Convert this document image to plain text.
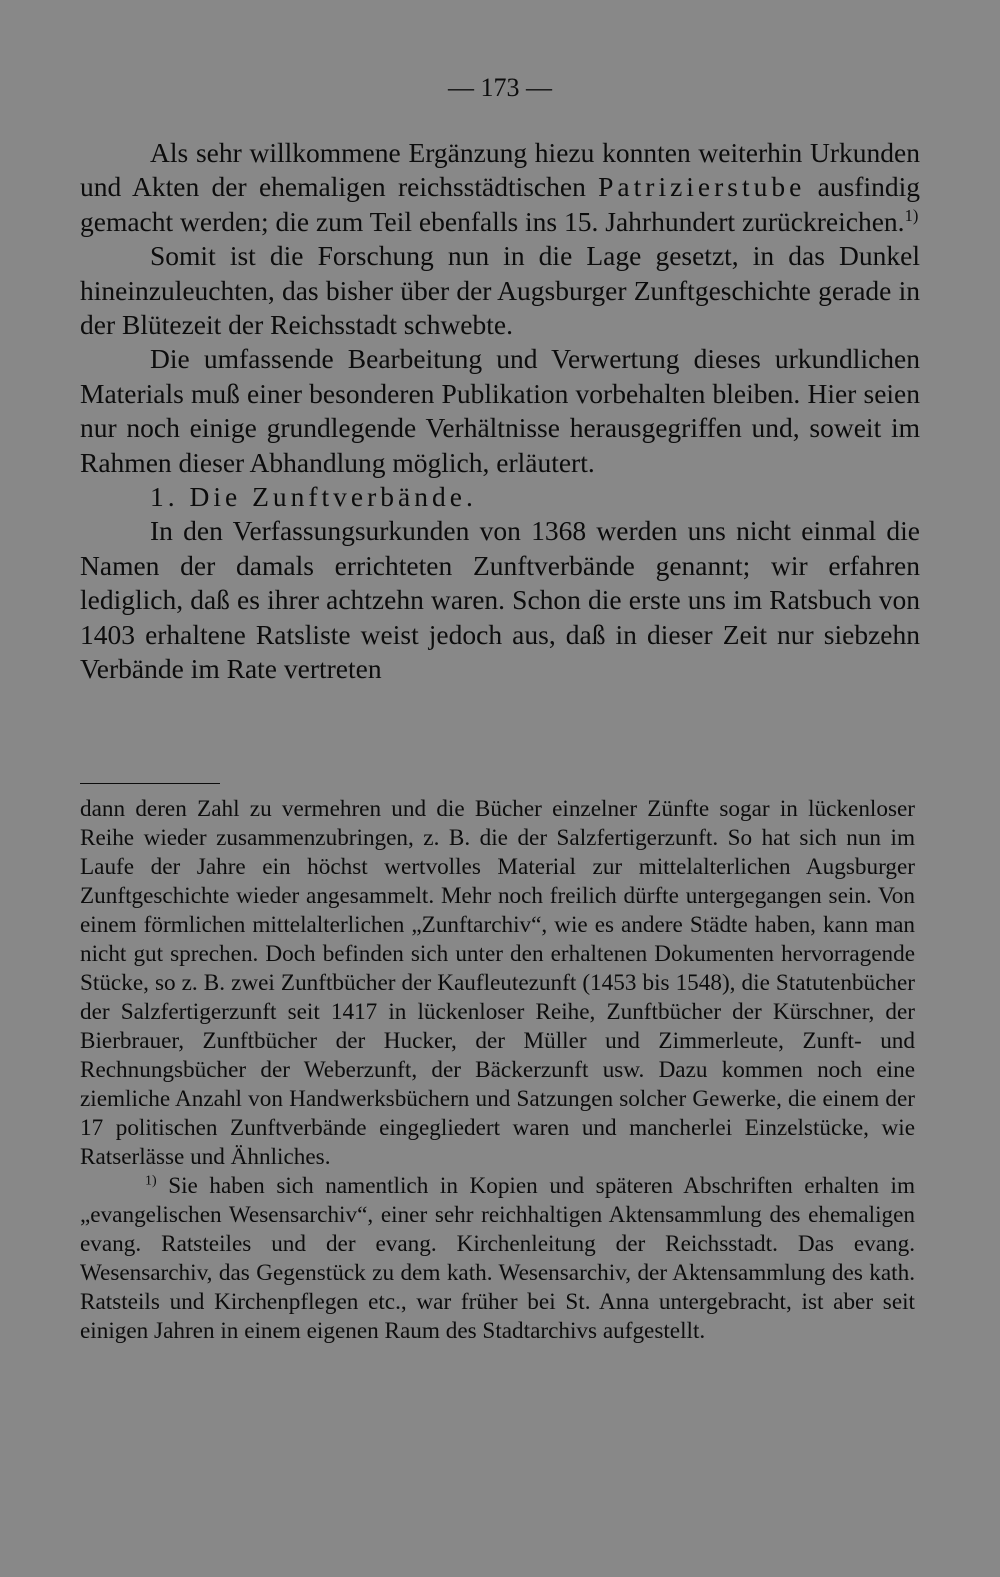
— 173 —

Als sehr willkommene Ergänzung hiezu konnten weiterhin Urkunden und Akten der ehemaligen reichsstädtischen Patrizierstube ausfindig gemacht werden; die zum Teil ebenfalls ins 15. Jahrhundert zurückreichen.$^{1)}$

Somit ist die Forschung nun in die Lage gesetzt, in das Dunkel hineinzuleuchten, das bisher über der Augsburger Zunftgeschichte gerade in der Blütezeit der Reichsstadt schwebte.

Die umfassende Bearbeitung und Verwertung dieses urkundlichen Materials muß einer besonderen Publikation vorbehalten bleiben. Hier seien nur noch einige grundlegende Verhältnisse herausgegriffen und, soweit im Rahmen dieser Abhandlung möglich, erläutert.

1. Die Zunftverbände.

In den Verfassungsurkunden von 1368 werden uns nicht einmal die Namen der damals errichteten Zunftverbände genannt; wir erfahren lediglich, daß es ihrer achtzehn waren. Schon die erste uns im Ratsbuch von 1403 erhaltene Ratsliste weist jedoch aus, daß in dieser Zeit nur siebzehn Verbände im Rate vertreten

dann deren Zahl zu vermehren und die Bücher einzelner Zünfte sogar in lückenloser Reihe wieder zusammenzubringen, z. B. die der Salzfertigerzunft. So hat sich nun im Laufe der Jahre ein höchst wertvolles Material zur mittelalterlichen Augsburger Zunftgeschichte wieder angesammelt. Mehr noch freilich dürfte untergegangen sein. Von einem förmlichen mittelalterlichen „Zunftarchiv“, wie es andere Städte haben, kann man nicht gut sprechen. Doch befinden sich unter den erhaltenen Dokumenten hervorragende Stücke, so z. B. zwei Zunftbücher der Kaufleutezunft (1453 bis 1548), die Statutenbücher der Salzfertigerzunft seit 1417 in lückenloser Reihe, Zunftbücher der Kürschner, der Bierbrauer, Zunftbücher der Hucker, der Müller und Zimmerleute, Zunft- und Rechnungsbücher der Weberzunft, der Bäckerzunft usw. Dazu kommen noch eine ziemliche Anzahl von Handwerksbüchern und Satzungen solcher Gewerke, die einem der 17 politischen Zunftverbände eingegliedert waren und mancherlei Einzelstücke, wie Ratserlässe und Ähnliches.

$^{1)}$ Sie haben sich namentlich in Kopien und späteren Abschriften erhalten im „evangelischen Wesensarchiv“, einer sehr reichhaltigen Aktensammlung des ehemaligen evang. Ratsteiles und der evang. Kirchenleitung der Reichsstadt. Das evang. Wesensarchiv, das Gegenstück zu dem kath. Wesensarchiv, der Aktensammlung des kath. Ratsteils und Kirchenpflegen etc., war früher bei St. Anna untergebracht, ist aber seit einigen Jahren in einem eigenen Raum des Stadtarchivs aufgestellt.
